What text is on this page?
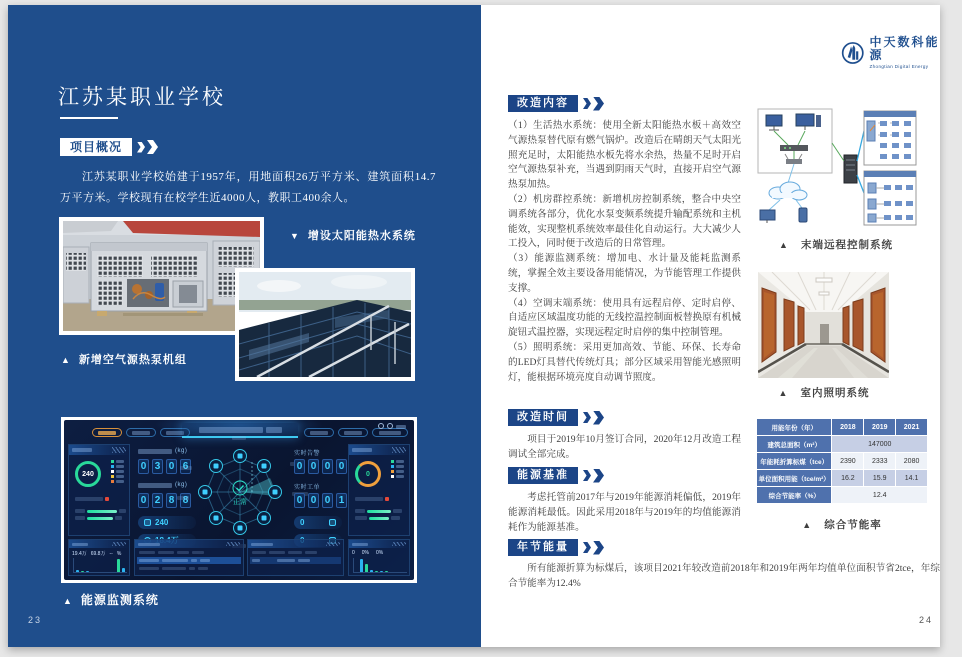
江苏某职业学校
项目概况
江苏某职业学校始建于1957年，用地面积26万平方米、建筑面积14.7万平方米。学校现有在校学生近4000人，教职工400余人。
▼ 增设太阳能热水系统
▲ 新增空气源热泵机组
240	0
(kg)
0 3 0 6
(kg)
0 2 8 8
240
正常
实时告警
0 0 0 0
实时工单
0 0 0 1
0
19.4万 69.8万 -- %	0 0% 0%
▲ 能源监测系统
23
中天数科能源
Zhongtian Digital Energy
改造内容

（1）生活热水系统：使用全新太阳能热水板＋高效空气源热泵替代原有燃气锅炉。改造后在晴朗天气太阳光照充足时，太阳能热水板先将水余热，热量不足时开启空气源热泵补充，当遇到阴雨天气时，直接开启空气源热泵加热。

（2）机房群控系统：新增机房控制系统，整合中央空调系统各部分，优化水泵变频系统提升输配系统和主机能效，实现整机系统效率最佳化自动运行。大大减少人工投入，同时便于改造后的日常管理。

（3）能源监测系统：增加电、水计量及能耗监测系统，掌握全效主要设备用能情况，为节能管理工作提供支撑。

（4）空调末端系统：使用具有远程启停、定时启停、自适应区域温度功能的无线控温控制面板替换原有机械旋钮式温控器，实现远程定时启停的集中控制管理。

（5）照明系统：采用更加高效、节能、环保、长寿命的LED灯具替代传统灯具；部分区域采用智能光感照明灯，能根据环境亮度自动调节照度。

改造时间
项目于2019年10月签订合同，2020年12月改造工程调试全部完成。
能源基准
考虑托管前2017年与2019年能源消耗偏低，2019年能源消耗最低。因此采用2018年与2019年的均值能源消耗作为能源基准。
年节能量
所有能源折算为标煤后，该项目2021年较改造前2018年和2019年两年均值单位面积节省2tce，年综合节能率为12.4%
▲ 末端远程控制系统
▲ 室内照明系统
用能年份（年）	2018	2019	2021
建筑总面积（m²）	147000		
年能耗折算标煤（tce）	2390	2333	2080
单位面积用能（tce/m²）	16.2	15.9	14.1
综合节能率（%）	12.4		
▲ 综合节能率
24
